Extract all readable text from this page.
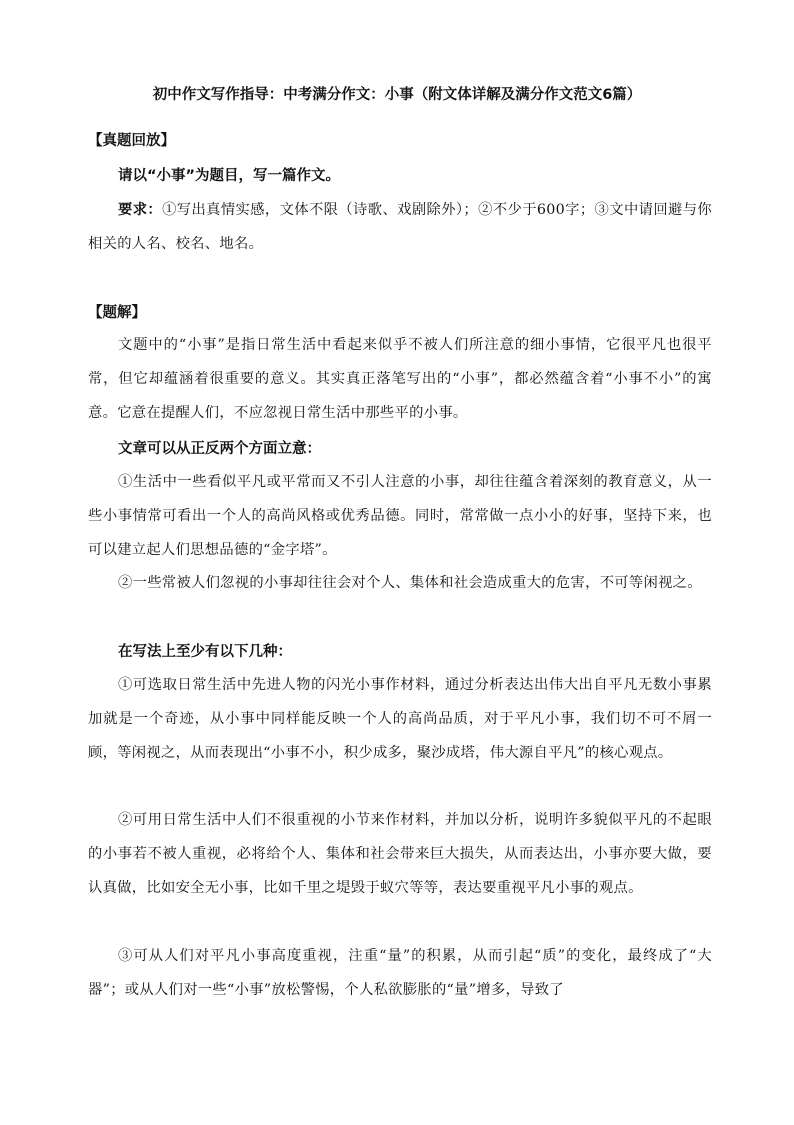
初中作文写作指导：中考满分作文：小事（附文体详解及满分作文范文6篇）
【真题回放】
请以“小事”为题目，写一篇作文。
要求：①写出真情实感，文体不限（诗歌、戏剧除外）；②不少于600字；③文中请回避与你相关的人名、校名、地名。
【题解】
文题中的“小事”是指日常生活中看起来似乎不被人们所注意的细小事情，它很平凡也很平常，但它却蕴涵着很重要的意义。其实真正落笔写出的“小事”，都必然蕴含着“小事不小”的寓意。它意在提醒人们，不应忽视日常生活中那些平的小事。
文章可以从正反两个方面立意：
①生活中一些看似平凡或平常而又不引人注意的小事，却往往蕴含着深刻的教育意义，从一些小事情常可看出一个人的高尚风格或优秀品德。同时，常常做一点小小的好事，坚持下来，也可以建立起人们思想品德的“金字塔”。
②一些常被人们忽视的小事却往往会对个人、集体和社会造成重大的危害，不可等闲视之。
在写法上至少有以下几种：
①可选取日常生活中先进人物的闪光小事作材料，通过分析表达出伟大出自平凡无数小事累加就是一个奇迹，从小事中同样能反映一个人的高尚品质，对于平凡小事，我们切不可不屑一顾，等闲视之，从而表现出“小事不小，积少成多，聚沙成塔，伟大源自平凡”的核心观点。
②可用日常生活中人们不很重视的小节来作材料，并加以分析，说明许多貌似平凡的不起眼的小事若不被人重视，必将给个人、集体和社会带来巨大损失，从而表达出，小事亦要大做，要认真做，比如安全无小事，比如千里之堤毁于蚁穴等等，表达要重视平凡小事的观点。
③可从人们对平凡小事高度重视，注重“量”的积累，从而引起“质”的变化，最终成了“大器”；或从人们对一些“小事”放松警惕，个人私欲膨胀的“量”增多，导致了
